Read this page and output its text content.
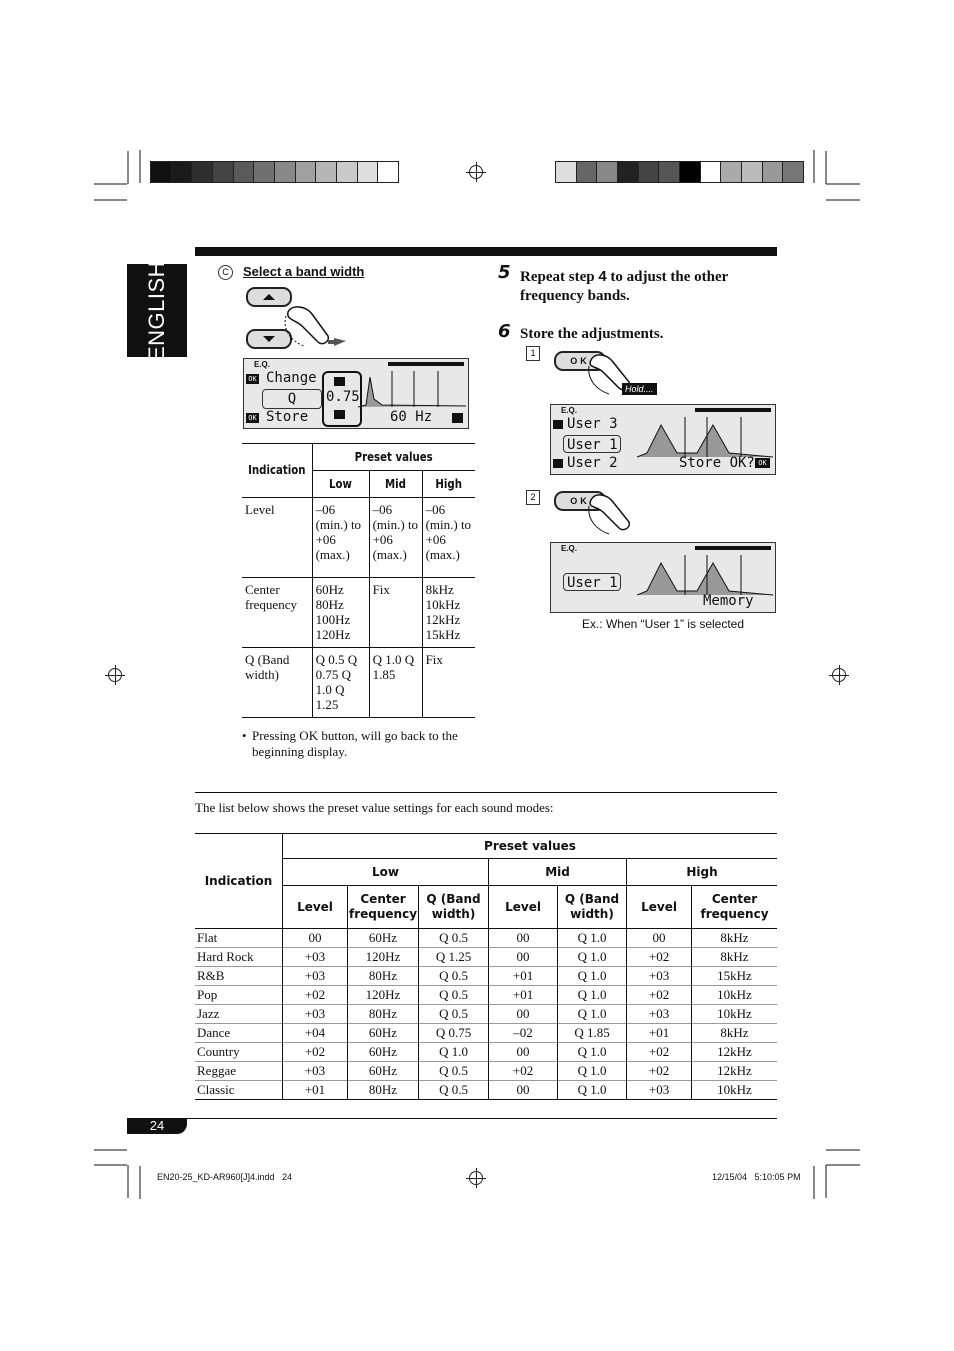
ENGLISH	C	Select a band width
E.Q.
OK Change
Q
OK Store
0.75
60 Hz
Indication	Preset values		
	Low	Mid	High
Level	–06 (min.) to +06 (max.)	–06 (min.) to +06 (max.)	–06 (min.) to +06 (max.)
Center frequency	60Hz 80Hz 100Hz 120Hz	Fix	8kHz 10kHz 12kHz 15kHz
Q (Band width)	Q 0.5 Q 0.75 Q 1.0 Q 1.25	Q 1.0 Q 1.85	Fix
• Pressing OK button, will go back to the beginning display.
5 Repeat step 4 to adjust the other frequency bands.
6 Store the adjustments.
1
OK
Hold....
E.Q.
User 3
User 1
User 2	Store OK? OK
2	OK
E.Q.
User 1
Memory
Ex.: When “User 1” is selected
The list below shows the preset value settings for each sound modes:
Indication	Preset values						
	Low			Mid		High	
	Level	Center frequency	Q (Band width)	Level	Q (Band width)	Level	Center frequency
Flat	00	60Hz	Q 0.5	00	Q 1.0	00	8kHz
Hard Rock	+03	120Hz	Q 1.25	00	Q 1.0	+02	8kHz
R&B	+03	80Hz	Q 0.5	+01	Q 1.0	+03	15kHz
Pop	+02	120Hz	Q 0.5	+01	Q 1.0	+02	10kHz
Jazz	+03	80Hz	Q 0.5	00	Q 1.0	+03	10kHz
Dance	+04	60Hz	Q 0.75	–02	Q 1.85	+01	8kHz
Country	+02	60Hz	Q 1.0	00	Q 1.0	+02	12kHz
Reggae	+03	60Hz	Q 0.5	+02	Q 1.0	+02	12kHz
Classic	+01	80Hz	Q 0.5	00	Q 1.0	+03	10kHz
24
EN20-25_KD-AR960[J]4.indd   24	12/15/04   5:10:05 PM
